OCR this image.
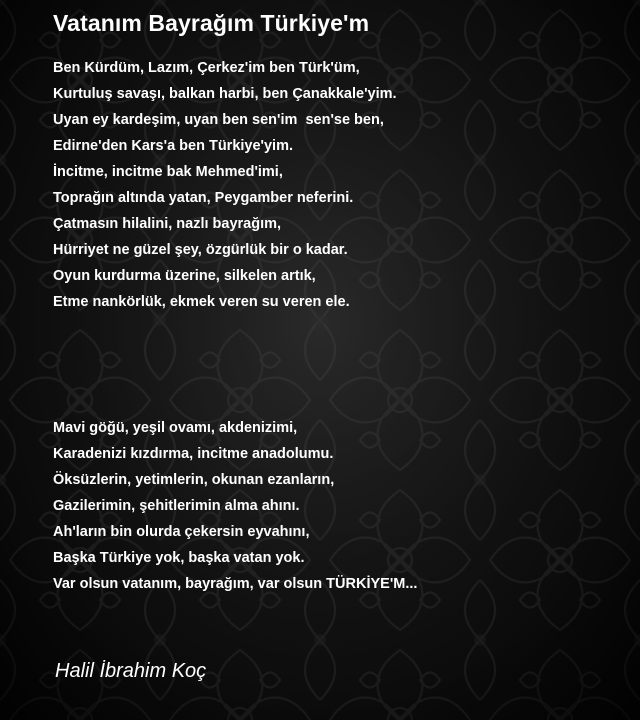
Vatanım Bayrağım Türkiye'm
Ben Kürdüm, Lazım, Çerkez'im ben Türk'üm,
Kurtuluş savaşı, balkan harbi, ben Çanakkale'yim.
Uyan ey kardeşim, uyan ben sen'im  sen'se ben,
Edirne'den Kars'a ben Türkiye'yim.
İncitme, incitme bak Mehmed'imi,
Toprağın altında yatan, Peygamber neferini.
Çatmasın hilalini, nazlı bayrağım,
Hürriyet ne güzel şey, özgürlük bir o kadar.
Oyun kurdurma üzerine, silkelen artık,
Etme nankörlük, ekmek veren su veren ele.
Mavi göğü, yeşil ovamı, akdenizimi,
Karadenizi kızdırma, incitme anadolumu.
Öksüzlerin, yetimlerin, okunan ezanların,
Gazilerimin, şehitlerimin alma ahını.
Ah'ların bin olurda çekersin eyvahını,
Başka Türkiye yok, başka vatan yok.
Var olsun vatanım, bayrağım, var olsun TÜRKİYE'M...
Halil İbrahim Koç
